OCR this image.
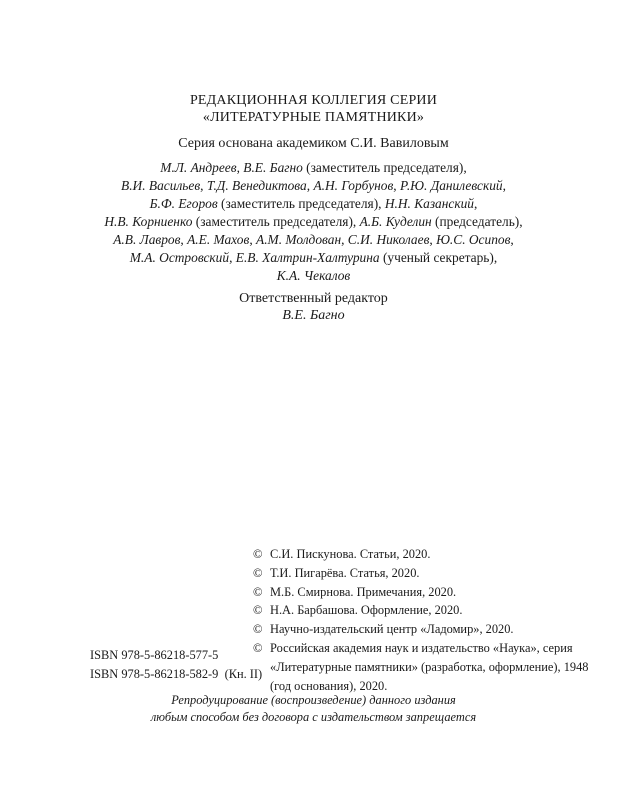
РЕДАКЦИОННАЯ КОЛЛЕГИЯ СЕРИИ
«ЛИТЕРАТУРНЫЕ ПАМЯТНИКИ»
Серия основана академиком С.И. Вавиловым
М.Л. Андреев, В.Е. Багно (заместитель председателя),
В.И. Васильев, Т.Д. Венедиктова, А.Н. Горбунов, Р.Ю. Данилевский,
Б.Ф. Егоров (заместитель председателя), Н.Н. Казанский,
Н.В. Корниенко (заместитель председателя), А.Б. Куделин (председатель),
А.В. Лавров, А.Е. Махов, А.М. Молдован, С.И. Николаев, Ю.С. Осипов,
М.А. Островский, Е.В. Халтрин-Халтурина (ученый секретарь),
К.А. Чекалов
Ответственный редактор
В.Е. Багно
© С.И. Пискунова. Статьи, 2020.
© Т.И. Пигарёва. Статья, 2020.
© М.Б. Смирнова. Примечания, 2020.
© Н.А. Барбашова. Оформление, 2020.
© Научно-издательский центр «Ладомир», 2020.
© Российская академия наук и издательство «Наука», серия «Литературные памятники» (разработка, оформление), 1948 (год основания), 2020.
ISBN 978-5-86218-577-5
ISBN 978-5-86218-582-9  (Кн. II)
Репродуцирование (воспроизведение) данного издания
любым способом без договора с издательством запрещается
